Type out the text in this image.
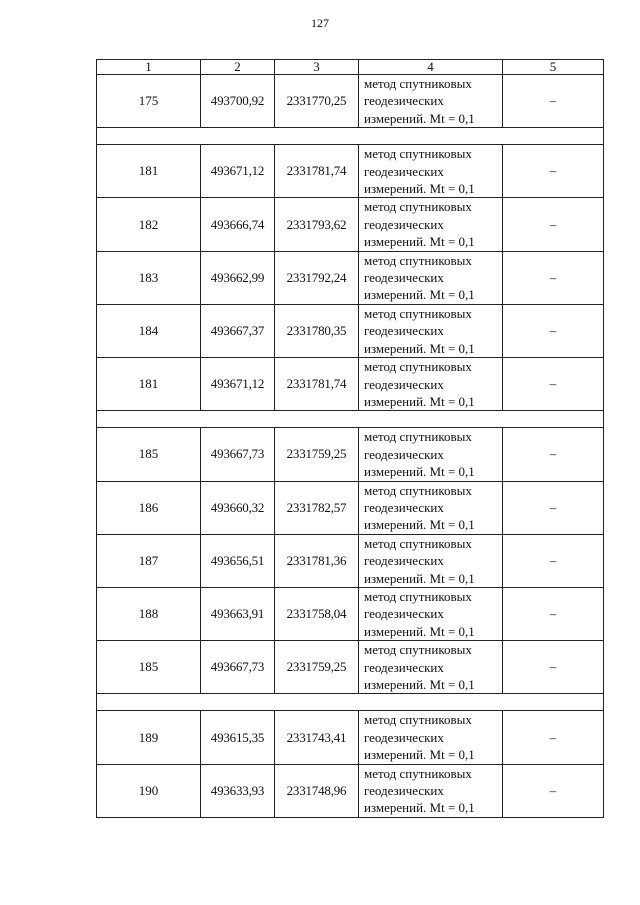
127
1	2	3	4	5
175	493700,92	2331770,25	метод спутниковых
геодезических
измерений. Mt = 0,1	–

181	493671,12	2331781,74	метод спутниковых
геодезических
измерений. Mt = 0,1	–
182	493666,74	2331793,62	метод спутниковых
геодезических
измерений. Mt = 0,1	–
183	493662,99	2331792,24	метод спутниковых
геодезических
измерений. Mt = 0,1	–
184	493667,37	2331780,35	метод спутниковых
геодезических
измерений. Mt = 0,1	–
181	493671,12	2331781,74	метод спутниковых
геодезических
измерений. Mt = 0,1	–

185	493667,73	2331759,25	метод спутниковых
геодезических
измерений. Mt = 0,1	–
186	493660,32	2331782,57	метод спутниковых
геодезических
измерений. Mt = 0,1	–
187	493656,51	2331781,36	метод спутниковых
геодезических
измерений. Mt = 0,1	–
188	493663,91	2331758,04	метод спутниковых
геодезических
измерений. Mt = 0,1	–
185	493667,73	2331759,25	метод спутниковых
геодезических
измерений. Mt = 0,1	–

189	493615,35	2331743,41	метод спутниковых
геодезических
измерений. Mt = 0,1	–
190	493633,93	2331748,96	метод спутниковых
геодезических
измерений. Mt = 0,1	–
